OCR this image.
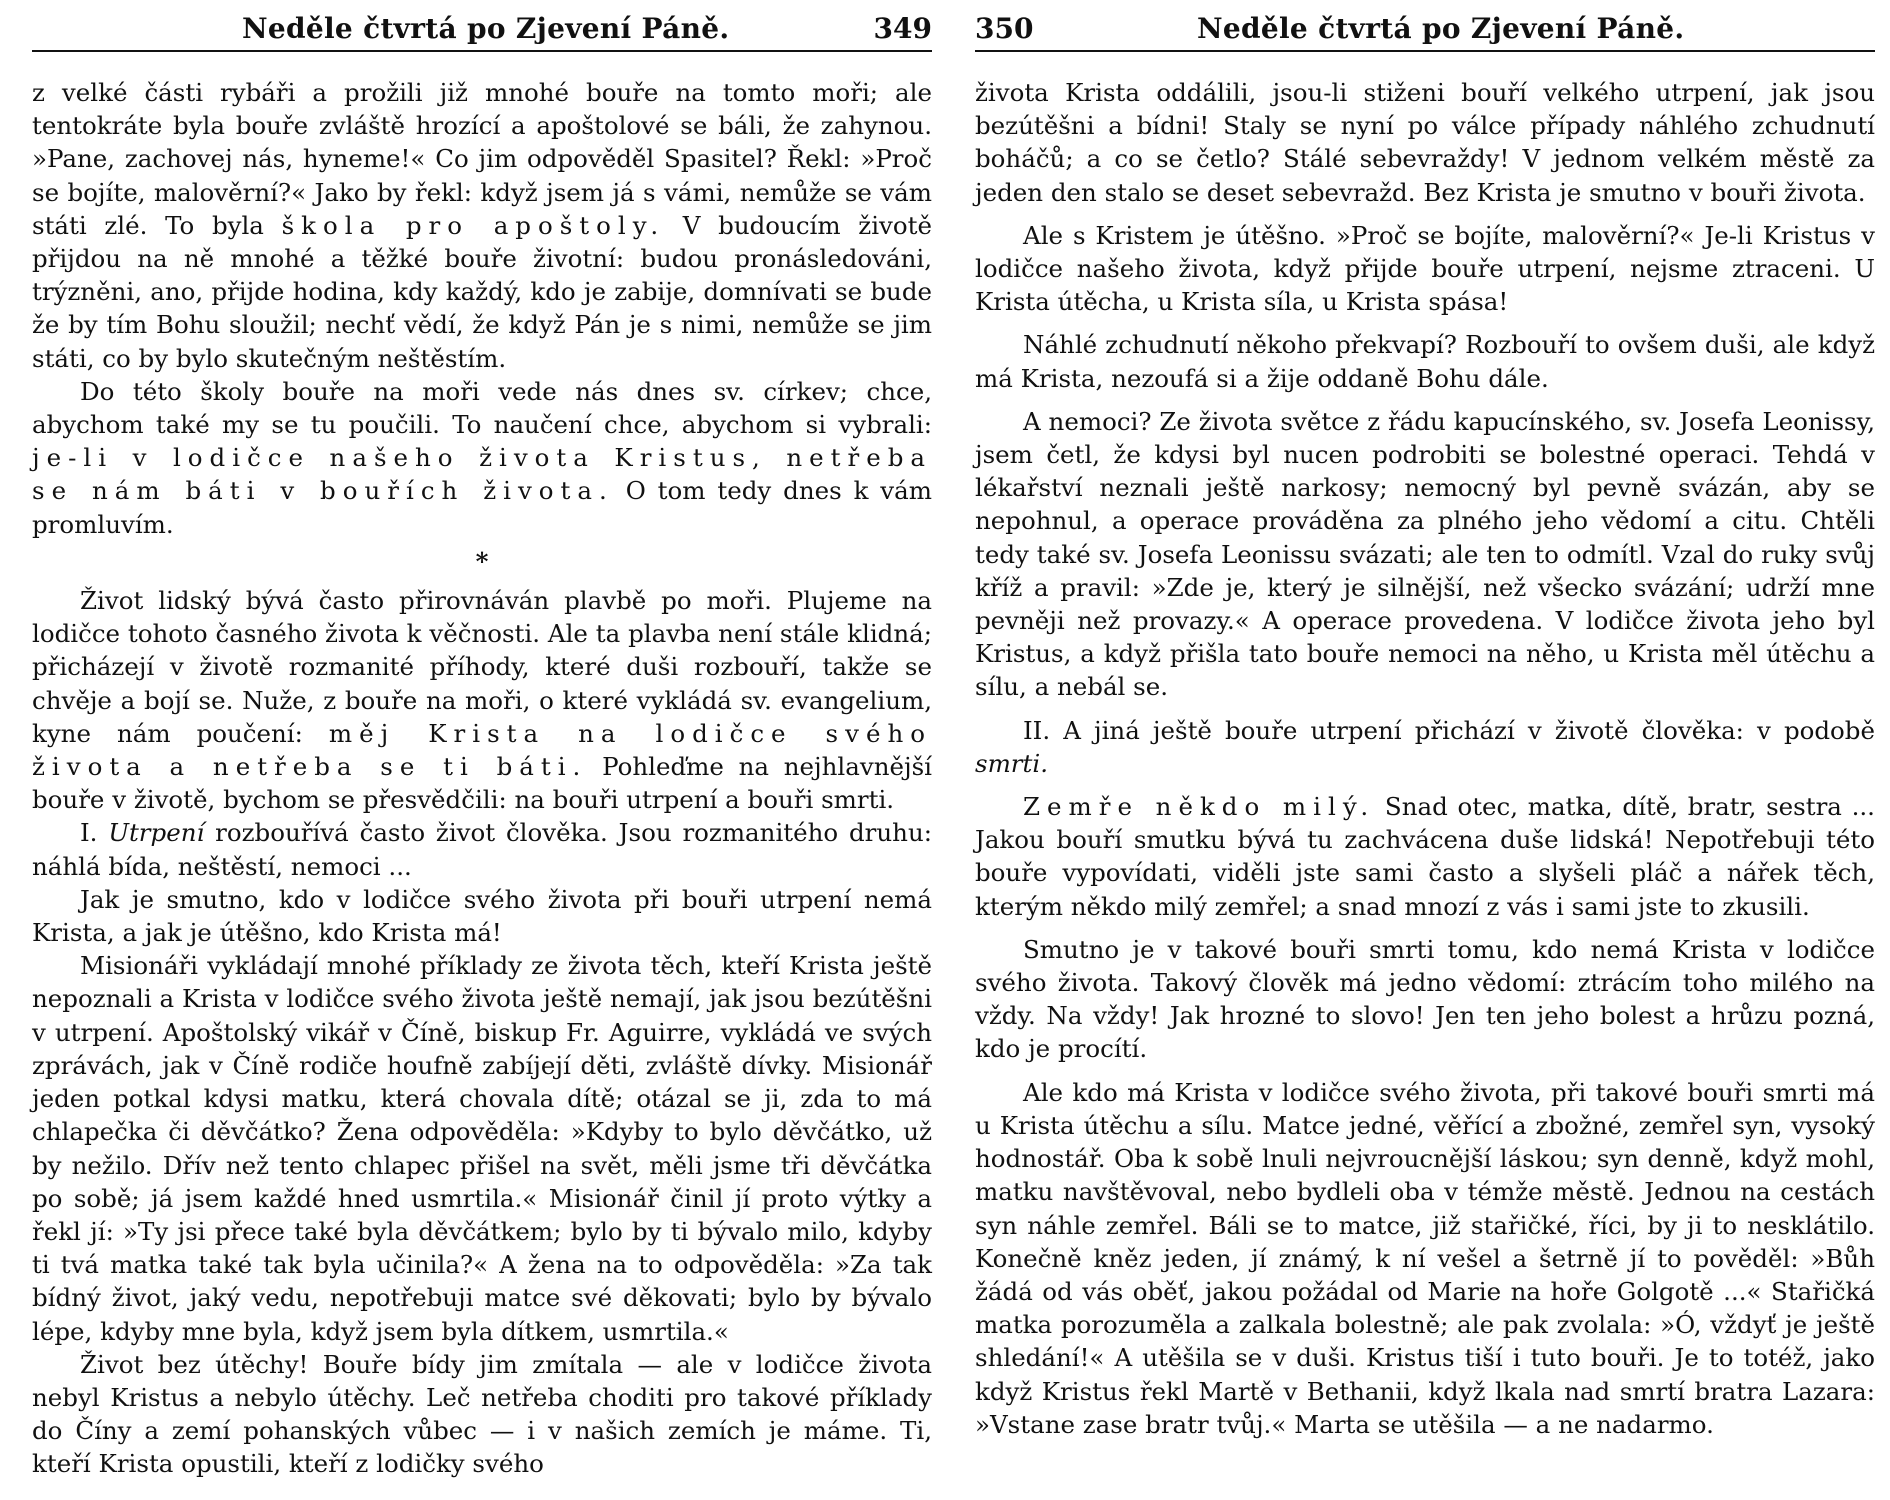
Neděle čtvrtá po Zjevení Páně.	349

z velké části rybáři a prožili již mnohé bouře na tomto moři; ale tentokráte byla bouře zvláště hrozící a apoštolové se báli, že zahynou. »Pane, zachovej nás, hyneme!« Co jim odpověděl Spasitel? Řekl: »Proč se bojíte, malověrní?« Jako by řekl: když jsem já s vámi, nemůže se vám státi zlé. To byla škola pro apoštoly. V budoucím životě přijdou na ně mnohé a těžké bouře životní: budou pronásledováni, trýzněni, ano, přijde hodina, kdy každý, kdo je zabije, domnívati se bude že by tím Bohu sloužil; nechť vědí, že když Pán je s nimi, nemůže se jim státi, co by bylo skutečným neštěstím.

Do této školy bouře na moři vede nás dnes sv. církev; chce, abychom také my se tu poučili. To naučení chce, abychom si vybrali: je-li v lodičce našeho života Kristus, netřeba se nám báti v bouřích života. O tom tedy dnes k vám promluvím.

*

Život lidský bývá často přirovnáván plavbě po moři. Plujeme na lodičce tohoto časného života k věčnosti. Ale ta plavba není stále klidná; přicházejí v životě rozmanité příhody, které duši rozbouří, takže se chvěje a bojí se. Nuže, z bouře na moři, o které vykládá sv. evangelium, kyne nám poučení: měj Krista na lodičce svého života a netřeba se ti báti. Pohleďme na nejhlavnější bouře v životě, bychom se přesvědčili: na bouři utrpení a bouři smrti.

I. Utrpení rozbouřívá často život člověka. Jsou rozmanitého druhu: náhlá bída, neštěstí, nemoci ...

Jak je smutno, kdo v lodičce svého života při bouři utrpení nemá Krista, a jak je útěšno, kdo Krista má!

Misionáři vykládají mnohé příklady ze života těch, kteří Krista ještě nepoznali a Krista v lodičce svého života ještě nemají, jak jsou bezútěšni v utrpení. Apoštolský vikář v Číně, biskup Fr. Aguirre, vykládá ve svých zprávách, jak v Číně rodiče houfně zabíjejí děti, zvláště dívky. Misionář jeden potkal kdysi matku, která chovala dítě; otázal se ji, zda to má chlapečka či děvčátko? Žena odpověděla: »Kdyby to bylo děvčátko, už by nežilo. Dřív než tento chlapec přišel na svět, měli jsme tři děvčátka po sobě; já jsem každé hned usmrtila.« Misionář činil jí proto výtky a řekl jí: »Ty jsi přece také byla děvčátkem; bylo by ti bývalo milo, kdyby ti tvá matka také tak byla učinila?« A žena na to odpověděla: »Za tak bídný život, jaký vedu, nepotřebuji matce své děkovati; bylo by bývalo lépe, kdyby mne byla, když jsem byla dítkem, usmrtila.«

Život bez útěchy! Bouře bídy jim zmítala — ale v lodičce života nebyl Kristus a nebylo útěchy. Leč netřeba choditi pro takové příklady do Číny a zemí pohanských vůbec — i v našich zemích je máme. Ti, kteří Krista opustili, kteří z lodičky svého

350	Neděle čtvrtá po Zjevení Páně.

života Krista oddálili, jsou-li stiženi bouří velkého utrpení, jak jsou bezútěšni a bídni! Staly se nyní po válce případy náhlého zchudnutí boháčů; a co se četlo? Stálé sebevraždy! V jednom velkém městě za jeden den stalo se deset sebevražd. Bez Krista je smutno v bouři života.

Ale s Kristem je útěšno. »Proč se bojíte, malověrní?« Je-li Kristus v lodičce našeho života, když přijde bouře utrpení, nejsme ztraceni. U Krista útěcha, u Krista síla, u Krista spása!

Náhlé zchudnutí někoho překvapí? Rozbouří to ovšem duši, ale když má Krista, nezoufá si a žije oddaně Bohu dále.

A nemoci? Ze života světce z řádu kapucínského, sv. Josefa Leonissy, jsem četl, že kdysi byl nucen podrobiti se bolestné operaci. Tehdá v lékařství neznali ještě narkosy; nemocný byl pevně svázán, aby se nepohnul, a operace prováděna za plného jeho vědomí a citu. Chtěli tedy také sv. Josefa Leonissu svázati; ale ten to odmítl. Vzal do ruky svůj kříž a pravil: »Zde je, který je silnější, než všecko svázání; udrží mne pevněji než provazy.« A operace provedena. V lodičce života jeho byl Kristus, a když přišla tato bouře nemoci na něho, u Krista měl útěchu a sílu, a nebál se.

II. A jiná ještě bouře utrpení přichází v životě člověka: v podobě smrti.

Zemře někdo milý. Snad otec, matka, dítě, bratr, sestra ... Jakou bouří smutku bývá tu zachvácena duše lidská! Nepotřebuji této bouře vypovídati, viděli jste sami často a slyšeli pláč a nářek těch, kterým někdo milý zemřel; a snad mnozí z vás i sami jste to zkusili.

Smutno je v takové bouři smrti tomu, kdo nemá Krista v lodičce svého života. Takový člověk má jedno vědomí: ztrácím toho milého na vždy. Na vždy! Jak hrozné to slovo! Jen ten jeho bolest a hrůzu pozná, kdo je procítí.

Ale kdo má Krista v lodičce svého života, při takové bouři smrti má u Krista útěchu a sílu. Matce jedné, věřící a zbožné, zemřel syn, vysoký hodnostář. Oba k sobě lnuli nejvroucnější láskou; syn denně, když mohl, matku navštěvoval, nebo bydleli oba v témže městě. Jednou na cestách syn náhle zemřel. Báli se to matce, již stařičké, říci, by ji to nesklátilo. Konečně kněz jeden, jí známý, k ní vešel a šetrně jí to pověděl: »Bůh žádá od vás oběť, jakou požádal od Marie na hoře Golgotě ...« Stařičká matka porozuměla a zalkala bolestně; ale pak zvolala: »Ó, vždyť je ještě shledání!« A utěšila se v duši. Kristus tiší i tuto bouři. Je to totéž, jako když Kristus řekl Martě v Bethanii, když lkala nad smrtí bratra Lazara: »Vstane zase bratr tvůj.« Marta se utěšila — a ne nadarmo.
